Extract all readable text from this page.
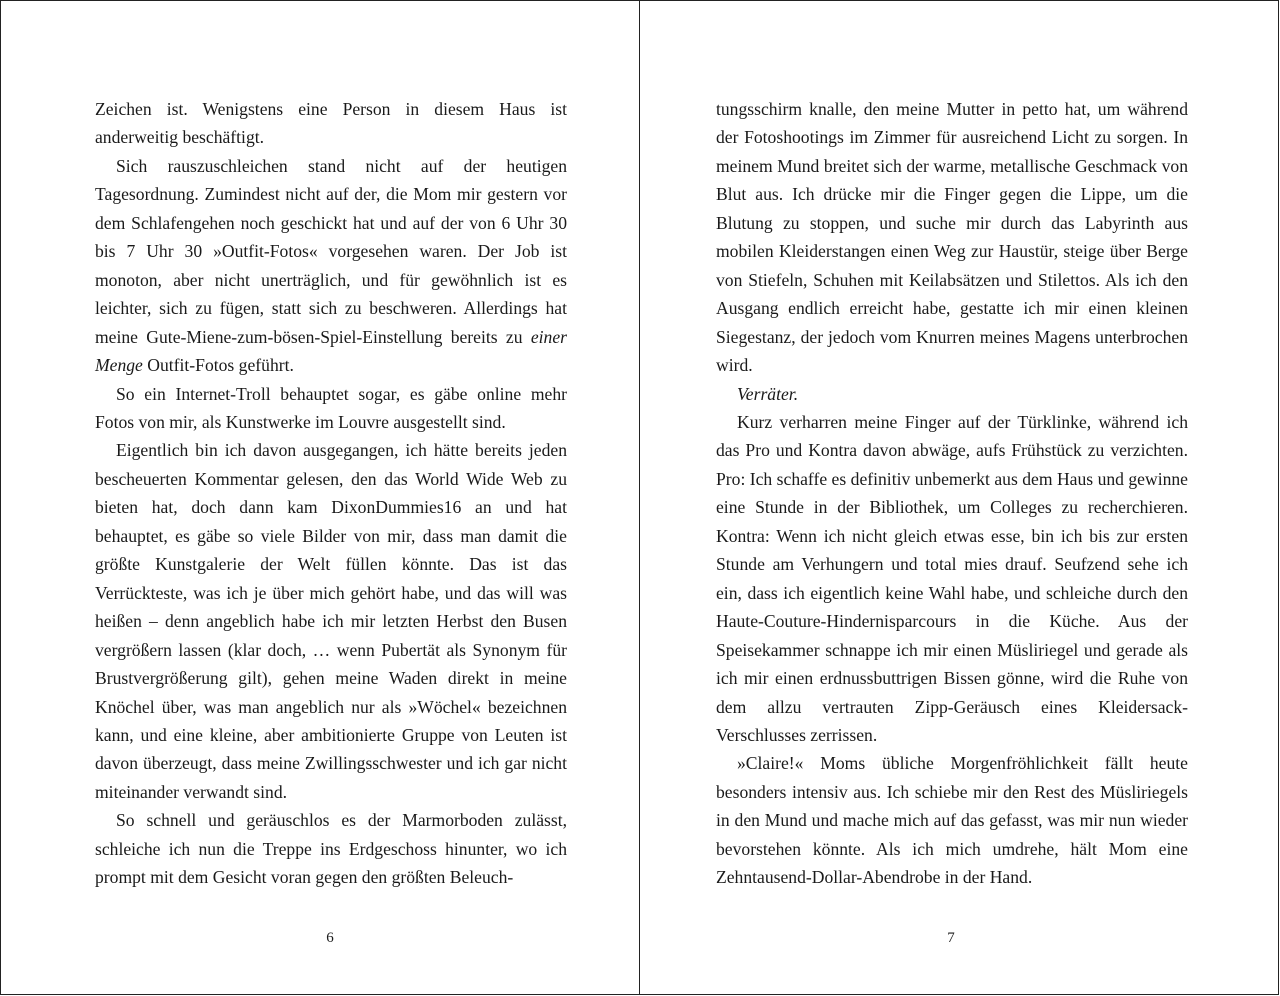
Zeichen ist. Wenigstens eine Person in diesem Haus ist anderweitig beschäftigt.

Sich rauszuschleichen stand nicht auf der heutigen Tagesordnung. Zumindest nicht auf der, die Mom mir gestern vor dem Schlafengehen noch geschickt hat und auf der von 6 Uhr 30 bis 7 Uhr 30 »Outfit-Fotos« vorgesehen waren. Der Job ist monoton, aber nicht unerträglich, und für gewöhnlich ist es leichter, sich zu fügen, statt sich zu beschweren. Allerdings hat meine Gute-Miene-zum-bösen-Spiel-Einstellung bereits zu einer Menge Outfit-Fotos geführt.

So ein Internet-Troll behauptet sogar, es gäbe online mehr Fotos von mir, als Kunstwerke im Louvre ausgestellt sind.

Eigentlich bin ich davon ausgegangen, ich hätte bereits jeden bescheuerten Kommentar gelesen, den das World Wide Web zu bieten hat, doch dann kam DixonDummies16 an und hat behauptet, es gäbe so viele Bilder von mir, dass man damit die größte Kunstgalerie der Welt füllen könnte. Das ist das Verrückteste, was ich je über mich gehört habe, und das will was heißen – denn angeblich habe ich mir letzten Herbst den Busen vergrößern lassen (klar doch, … wenn Pubertät als Synonym für Brustvergrößerung gilt), gehen meine Waden direkt in meine Knöchel über, was man angeblich nur als »Wöchel« bezeichnen kann, und eine kleine, aber ambitionierte Gruppe von Leuten ist davon überzeugt, dass meine Zwillingsschwester und ich gar nicht miteinander verwandt sind.

So schnell und geräuschlos es der Marmorboden zulässt, schleiche ich nun die Treppe ins Erdgeschoss hinunter, wo ich prompt mit dem Gesicht voran gegen den größten Beleuch-

tungsschirm knalle, den meine Mutter in petto hat, um während der Fotoshootings im Zimmer für ausreichend Licht zu sorgen. In meinem Mund breitet sich der warme, metallische Geschmack von Blut aus. Ich drücke mir die Finger gegen die Lippe, um die Blutung zu stoppen, und suche mir durch das Labyrinth aus mobilen Kleiderstangen einen Weg zur Haustür, steige über Berge von Stiefeln, Schuhen mit Keilabsätzen und Stilettos. Als ich den Ausgang endlich erreicht habe, gestatte ich mir einen kleinen Siegestanz, der jedoch vom Knurren meines Magens unterbrochen wird.

Verräter.

Kurz verharren meine Finger auf der Türklinke, während ich das Pro und Kontra davon abwäge, aufs Frühstück zu verzichten. Pro: Ich schaffe es definitiv unbemerkt aus dem Haus und gewinne eine Stunde in der Bibliothek, um Colleges zu recherchieren. Kontra: Wenn ich nicht gleich etwas esse, bin ich bis zur ersten Stunde am Verhungern und total mies drauf. Seufzend sehe ich ein, dass ich eigentlich keine Wahl habe, und schleiche durch den Haute-Couture-Hindernisparcours in die Küche. Aus der Speisekammer schnappe ich mir einen Müsliriegel und gerade als ich mir einen erdnussbuttrigen Bissen gönne, wird die Ruhe von dem allzu vertrauten Zipp-Geräusch eines Kleidersack-Verschlusses zerrissen.

»Claire!« Moms übliche Morgenfröhlichkeit fällt heute besonders intensiv aus. Ich schiebe mir den Rest des Müsliriegels in den Mund und mache mich auf das gefasst, was mir nun wieder bevorstehen könnte. Als ich mich umdrehe, hält Mom eine Zehntausend-Dollar-Abendrobe in der Hand.

6	7
